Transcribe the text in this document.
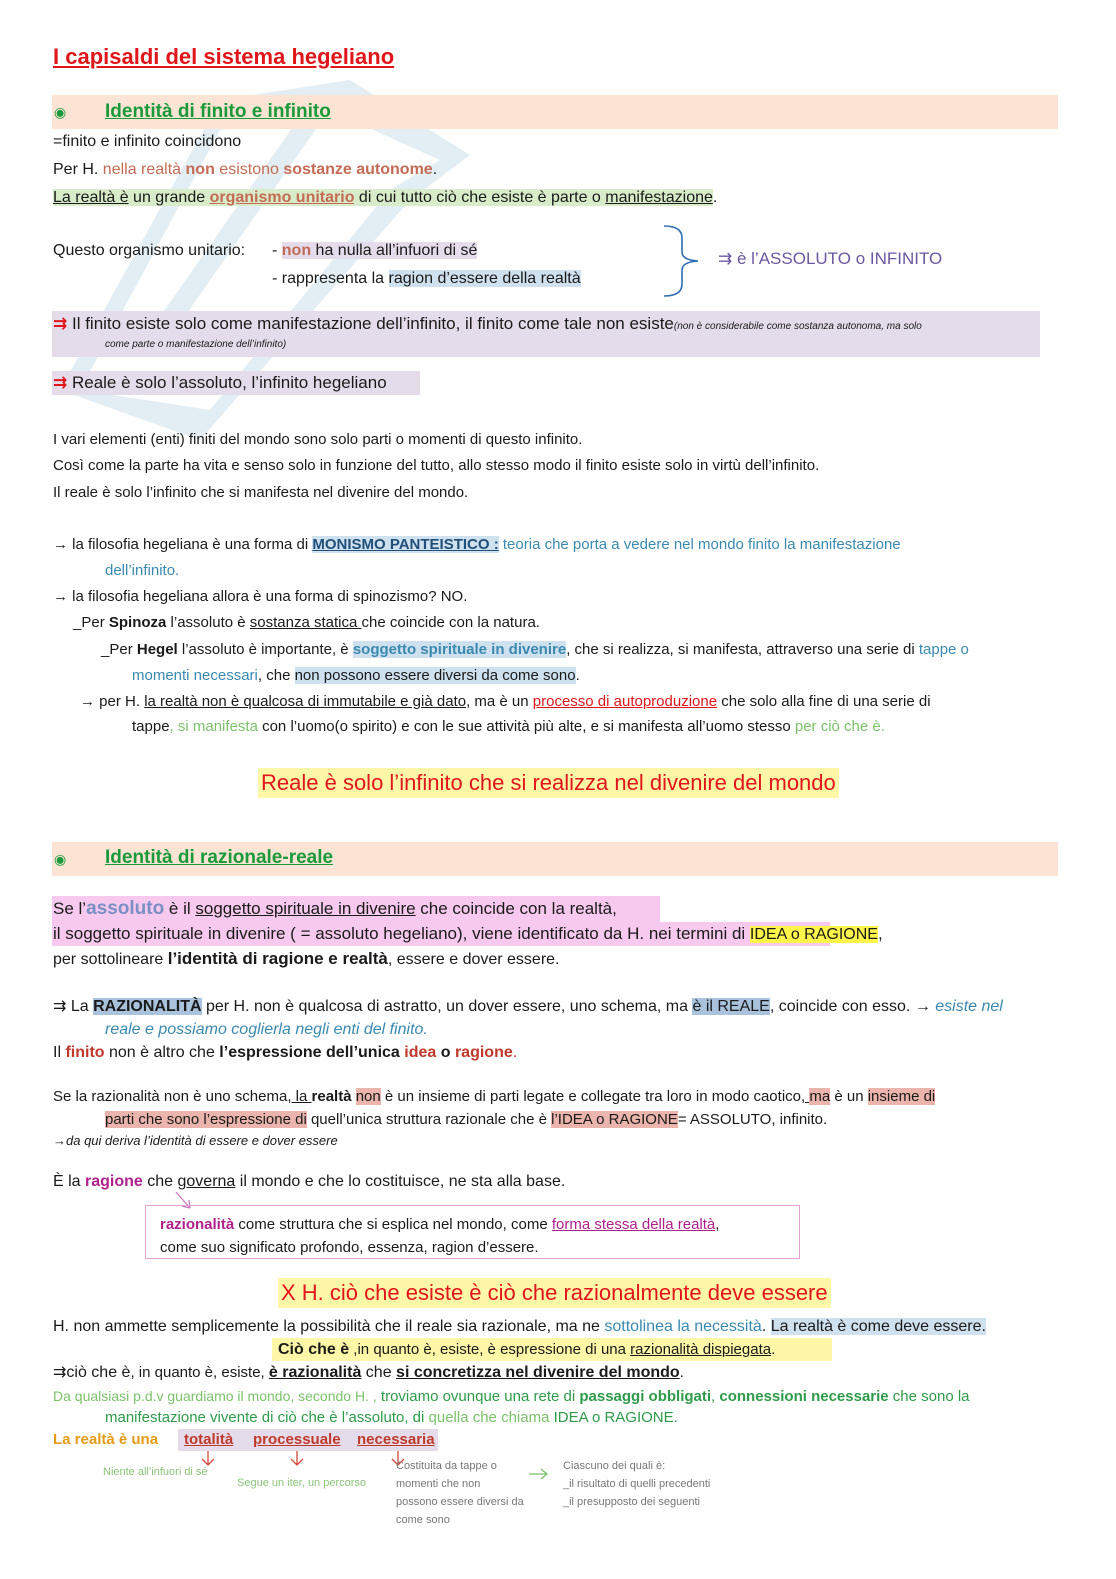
I capisaldi del sistema hegeliano
◉ Identità di finito e infinito
=finito e infinito coincidono
Per H. nella realtà non esistono sostanze autonome.
La realtà è un grande organismo unitario di cui tutto ciò che esiste è parte o manifestazione.
Questo organismo unitario: - non ha nulla all’infuori di sé
- rappresenta la ragion d’essere della realtà
⇉ è l’ASSOLUTO o INFINITO
⇉ Il finito esiste solo come manifestazione dell’infinito, il finito come tale non esiste(non è considerabile come sostanza autonoma, ma solo
come parte o manifestazione dell’infinito)
⇉ Reale è solo l’assoluto, l’infinito hegeliano
I vari elementi (enti) finiti del mondo sono solo parti o momenti di questo infinito.
Così come la parte ha vita e senso solo in funzione del tutto, allo stesso modo il finito esiste solo in virtù dell’infinito.
Il reale è solo l’infinito che si manifesta nel divenire del mondo.
→ la filosofia hegeliana è una forma di MONISMO PANTEISTICO : teoria che porta a vedere nel mondo finito la manifestazione
dell’infinito.
→ la filosofia hegeliana allora è una forma di spinozismo? NO.
_Per Spinoza l’assoluto è sostanza statica che coincide con la natura.
_Per Hegel l’assoluto è importante, è soggetto spirituale in divenire, che si realizza, si manifesta, attraverso una serie di tappe o
momenti necessari, che non possono essere diversi da come sono.
→ per H. la realtà non è qualcosa di immutabile e già dato, ma è un processo di autoproduzione che solo alla fine di una serie di
tappe, si manifesta con l’uomo(o spirito) e con le sue attività più alte, e si manifesta all’uomo stesso per ciò che è.
Reale è solo l’infinito che si realizza nel divenire del mondo
◉ Identità di razionale-reale
Se l’assoluto è il soggetto spirituale in divenire che coincide con la realtà,
il soggetto spirituale in divenire ( = assoluto hegeliano), viene identificato da H. nei termini di IDEA o RAGIONE,
per sottolineare l’identità di ragione e realtà, essere e dover essere.
⇉ La RAZIONALITÀ per H. non è qualcosa di astratto, un dover essere, uno schema, ma è il REALE, coincide con esso. → esiste nel
reale e possiamo coglierla negli enti del finito.
Il finito non è altro che l’espressione dell’unica idea o ragione.
Se la razionalità non è uno schema, la realtà non è un insieme di parti legate e collegate tra loro in modo caotico, ma è un insieme di
parti che sono l’espressione di quell’unica struttura razionale che è l’IDEA o RAGIONE= ASSOLUTO, infinito.
→da qui deriva l’identità di essere e dover essere
È la ragione che governa il mondo e che lo costituisce, ne sta alla base.
razionalità come struttura che si esplica nel mondo, come forma stessa della realtà,
come suo significato profondo, essenza, ragion d’essere.
X H. ciò che esiste è ciò che razionalmente deve essere
H. non ammette semplicemente la possibilità che il reale sia razionale, ma ne sottolinea la necessità. La realtà è come deve essere.
Ciò che è ,in quanto è, esiste, è espressione di una razionalità dispiegata.
⇉ciò che è, in quanto è, esiste, è razionalità che si concretizza nel divenire del mondo.
Da qualsiasi p.d.v guardiamo il mondo, secondo H. , troviamo ovunque una rete di passaggi obbligati, connessioni necessarie che sono la
manifestazione vivente di ciò che è l’assoluto, di quella che chiama IDEA o RAGIONE.
La realtà è una totalità processuale necessaria
Niente all’infuori di sé
Segue un iter, un percorso
Costituita da tappe o
momenti che non
possono essere diversi da
come sono
Ciascuno dei quali è:
_il risultato di quelli precedenti
_il presupposto dei seguenti
